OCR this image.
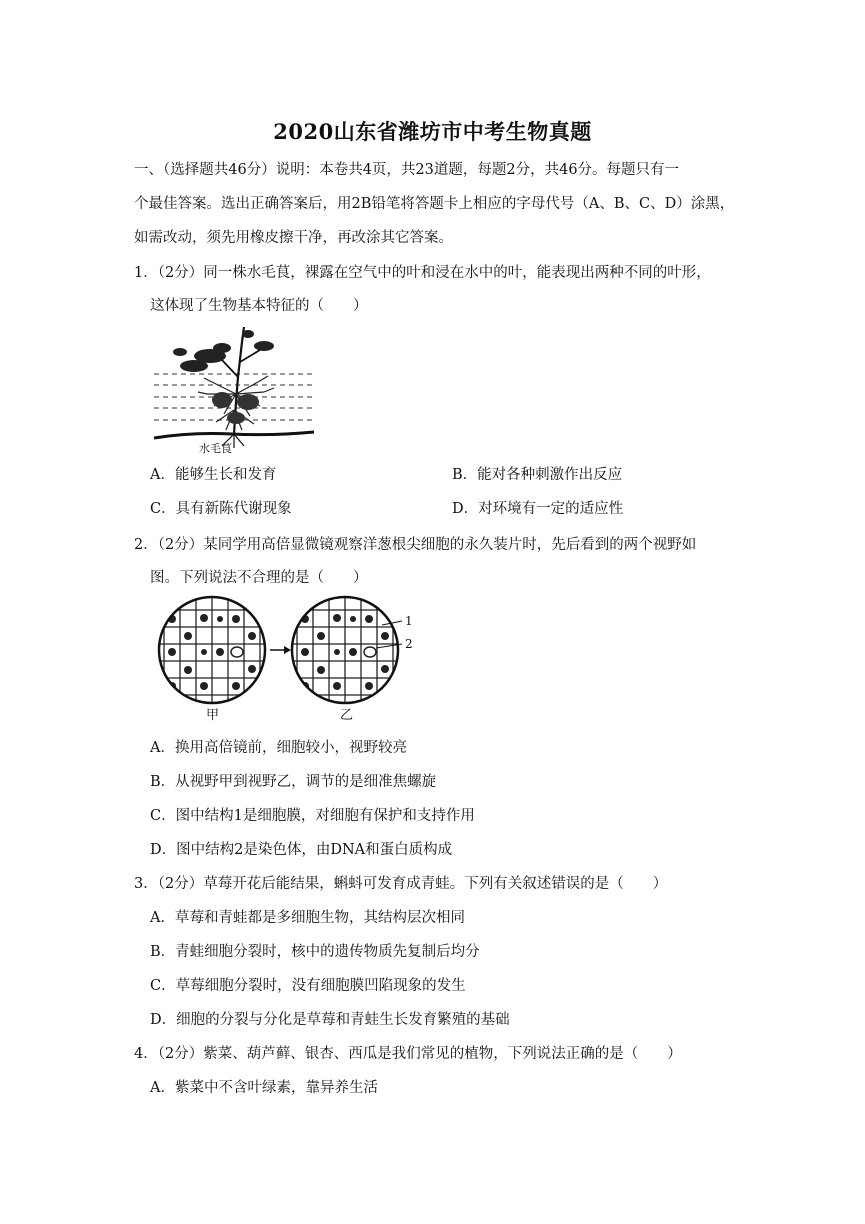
2020山东省潍坊市中考生物真题
一、（选择题共46分）说明：本卷共4页，共23道题，每题2分，共46分。每题只有一
个最佳答案。选出正确答案后，用2B铅笔将答题卡上相应的字母代号（A、B、C、D）涂黑，
如需改动，须先用橡皮擦干净，再改涂其它答案。
1．（2分）同一株水毛茛，裸露在空气中的叶和浸在水中的叶，能表现出两种不同的叶形，
这体现了生物基本特征的（　　）
水毛茛
A．能够生长和发育	B．能对各种刺激作出反应
C．具有新陈代谢现象	D．对环境有一定的适应性
2．（2分）某同学用高倍显微镜观察洋葱根尖细胞的永久装片时，先后看到的两个视野如
图。下列说法不合理的是（　　）
1
2
甲	乙
A．换用高倍镜前，细胞较小，视野较亮
B．从视野甲到视野乙，调节的是细准焦螺旋
C．图中结构1是细胞膜，对细胞有保护和支持作用
D．图中结构2是染色体，由DNA和蛋白质构成
3．（2分）草莓开花后能结果，蝌蚪可发育成青蛙。下列有关叙述错误的是（　　）
A．草莓和青蛙都是多细胞生物，其结构层次相同
B．青蛙细胞分裂时，核中的遗传物质先复制后均分
C．草莓细胞分裂时，没有细胞膜凹陷现象的发生
D．细胞的分裂与分化是草莓和青蛙生长发育繁殖的基础
4．（2分）紫菜、葫芦藓、银杏、西瓜是我们常见的植物，下列说法正确的是（　　）
A．紫菜中不含叶绿素，靠异养生活
